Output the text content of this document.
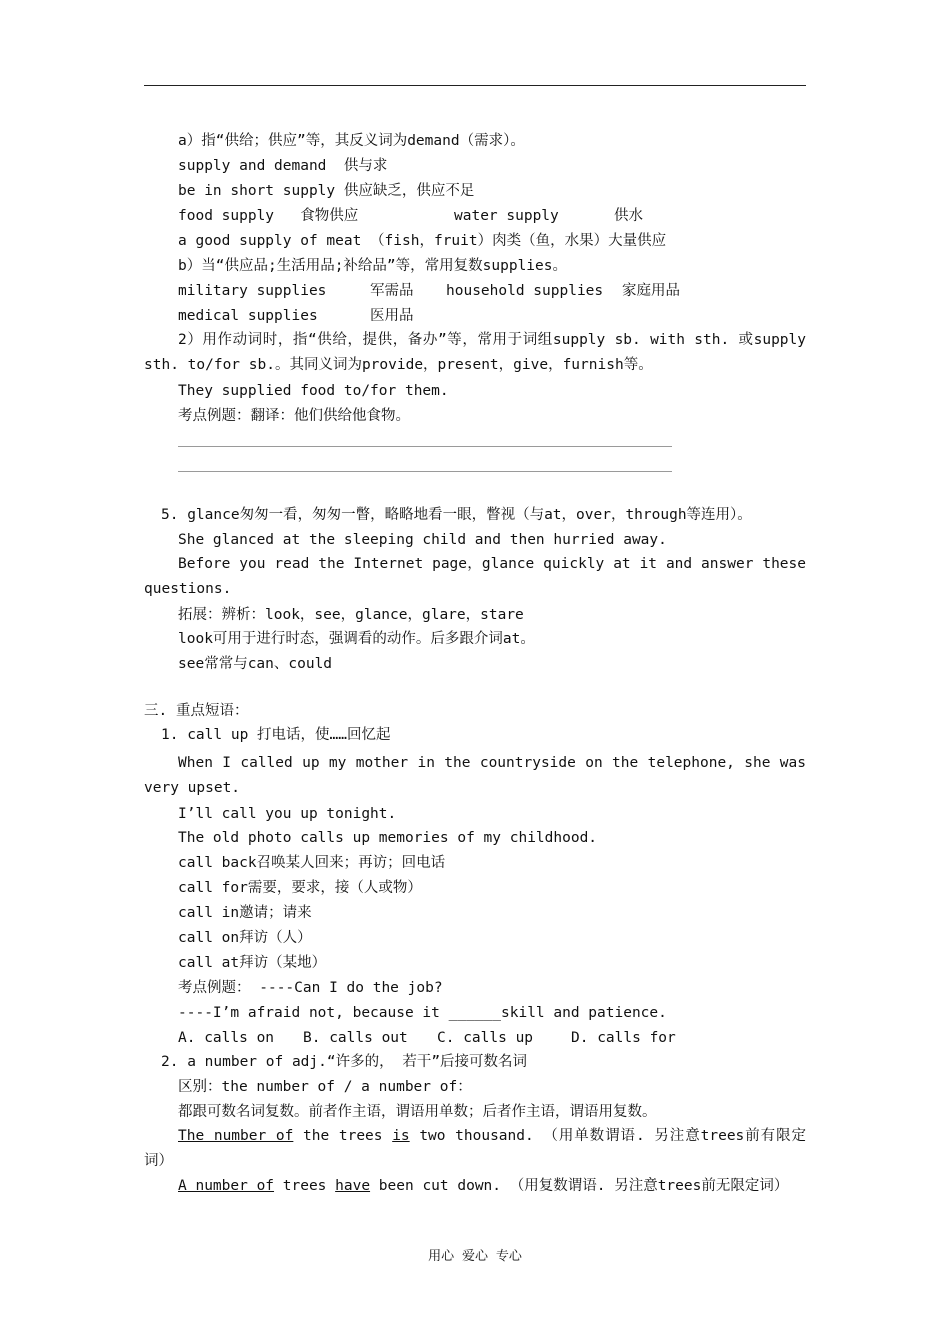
a）指“供给；供应”等，其反义词为demand（需求）。
supply and demand  供与求
be in short supply 供应缺乏，供应不足
food supply   食物供应	water supply	供水
a good supply of meat （fish，fruit）肉类（鱼，水果）大量供应
b）当“供应品;生活用品;补给品”等，常用复数supplies。
military supplies	军需品 household supplies 家庭用品
medical supplies	医用品
2）用作动词时，指“供给，提供，备办”等，常用于词组supply sb. with sth. 或supply sth. to/for sb.。其同义词为provide，present，give，furnish等。
They supplied food to/for them.
考点例题：翻译：他们供给他食物。
5. glance匆匆一看，匆匆一瞥，略略地看一眼，瞥视（与at，over，through等连用）。
She glanced at the sleeping child and then hurried away.
Before you read the Internet page，glance quickly at it and answer these questions.
拓展：辨析：look，see，glance，glare，stare
look可用于进行时态，强调看的动作。后多跟介词at。
see常常与can、could
三. 重点短语：
1. call up 打电话，使……回忆起
When I called up my mother in the countryside on the telephone, she was very upset.
I’ll call you up tonight.
The old photo calls up memories of my childhood.
call back召唤某人回来；再访；回电话
call for需要，要求，接（人或物）
call in邀请；请来
call on拜访（人）
call at拜访（某地）
考点例题： ----Can I do the job?
----I’m afraid not, because it ______skill and patience.
A. calls on B. calls out C. calls up	D. calls for
2. a number of adj.“许多的， 若干”后接可数名词
区别：the number of / a number of：
都跟可数名词复数。前者作主语，谓语用单数；后者作主语，谓语用复数。
The number of the trees is two thousand. （用单数谓语. 另注意trees前有限定词）
A number of trees have been cut down. （用复数谓语. 另注意trees前无限定词）
用心 爱心 专心
